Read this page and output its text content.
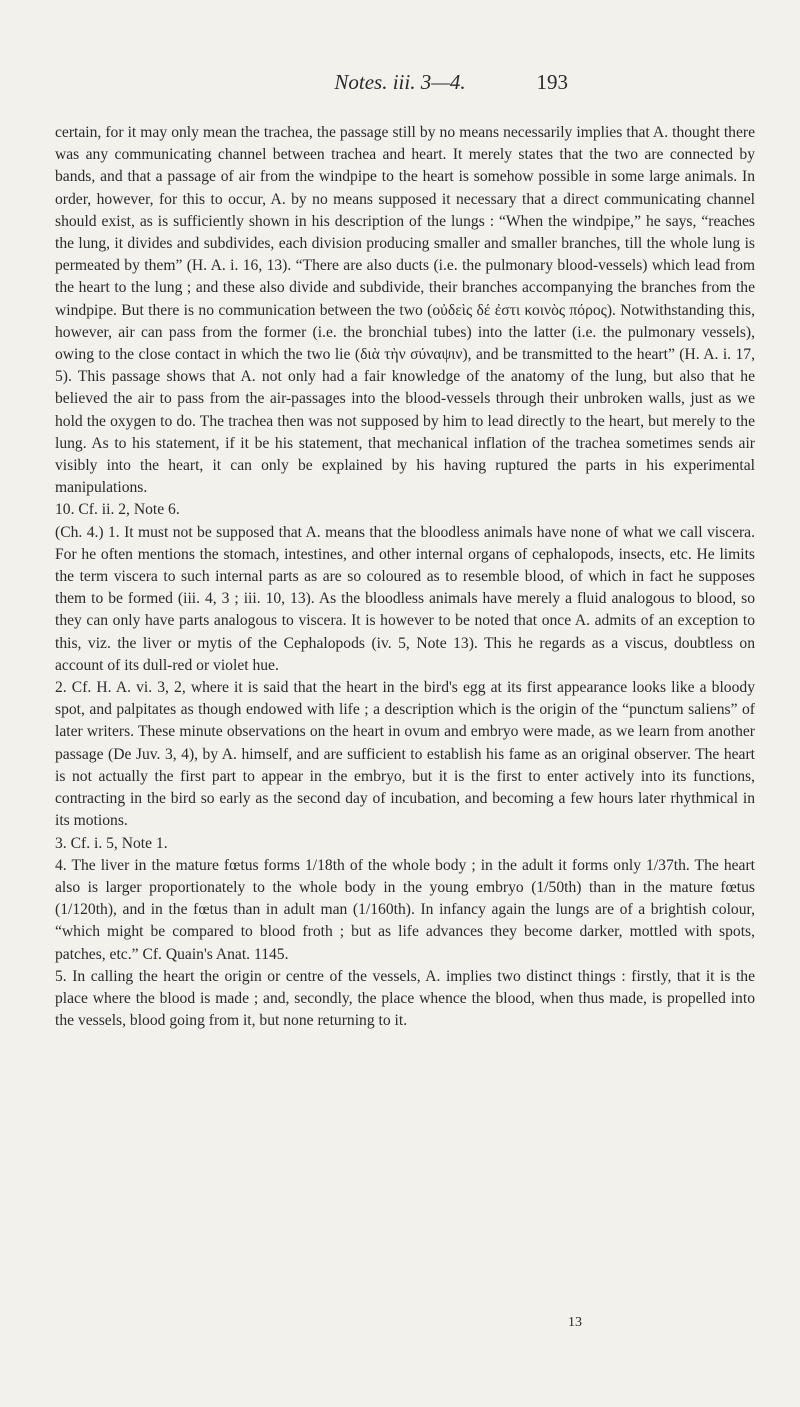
Notes. iii. 3—4.	193

certain, for it may only mean the trachea, the passage still by no means necessarily implies that A. thought there was any communicating channel between trachea and heart. It merely states that the two are connected by bands, and that a passage of air from the windpipe to the heart is somehow possible in some large animals. In order, however, for this to occur, A. by no means supposed it necessary that a direct communicating channel should exist, as is sufficiently shown in his description of the lungs : “When the windpipe,” he says, “reaches the lung, it divides and subdivides, each division producing smaller and smaller branches, till the whole lung is permeated by them” (H. A. i. 16, 13). “There are also ducts (i.e. the pulmonary blood-vessels) which lead from the heart to the lung ; and these also divide and subdivide, their branches accompanying the branches from the windpipe. But there is no communication between the two (οὐδεὶς δέ ἐστι κοινὸς πόρος). Notwithstanding this, however, air can pass from the former (i.e. the bronchial tubes) into the latter (i.e. the pulmonary vessels), owing to the close contact in which the two lie (διὰ τὴν σύναψιν), and be transmitted to the heart” (H. A. i. 17, 5). This passage shows that A. not only had a fair knowledge of the anatomy of the lung, but also that he believed the air to pass from the air-passages into the blood-vessels through their unbroken walls, just as we hold the oxygen to do. The trachea then was not supposed by him to lead directly to the heart, but merely to the lung. As to his statement, if it be his statement, that mechanical inflation of the trachea sometimes sends air visibly into the heart, it can only be explained by his having ruptured the parts in his experimental manipulations.

10. Cf. ii. 2, Note 6.

(Ch. 4.) 1. It must not be supposed that A. means that the bloodless animals have none of what we call viscera. For he often mentions the stomach, intestines, and other internal organs of cephalopods, insects, etc. He limits the term viscera to such internal parts as are so coloured as to resemble blood, of which in fact he supposes them to be formed (iii. 4, 3 ; iii. 10, 13). As the bloodless animals have merely a fluid analogous to blood, so they can only have parts analogous to viscera. It is however to be noted that once A. admits of an exception to this, viz. the liver or mytis of the Cephalopods (iv. 5, Note 13). This he regards as a viscus, doubtless on account of its dull-red or violet hue.

2. Cf. H. A. vi. 3, 2, where it is said that the heart in the bird's egg at its first appearance looks like a bloody spot, and palpitates as though endowed with life ; a description which is the origin of the “punctum saliens” of later writers. These minute observations on the heart in ovum and embryo were made, as we learn from another passage (De Juv. 3, 4), by A. himself, and are sufficient to establish his fame as an original observer. The heart is not actually the first part to appear in the embryo, but it is the first to enter actively into its functions, contracting in the bird so early as the second day of incubation, and becoming a few hours later rhythmical in its motions.

3. Cf. i. 5, Note 1.

4. The liver in the mature fœtus forms 1/18th of the whole body ; in the adult it forms only 1/37th. The heart also is larger proportionately to the whole body in the young embryo (1/50th) than in the mature fœtus (1/120th), and in the fœtus than in adult man (1/160th). In infancy again the lungs are of a brightish colour, “which might be compared to blood froth ; but as life advances they become darker, mottled with spots, patches, etc.” Cf. Quain's Anat. 1145.

5. In calling the heart the origin or centre of the vessels, A. implies two distinct things : firstly, that it is the place where the blood is made ; and, secondly, the place whence the blood, when thus made, is propelled into the vessels, blood going from it, but none returning to it.

13
